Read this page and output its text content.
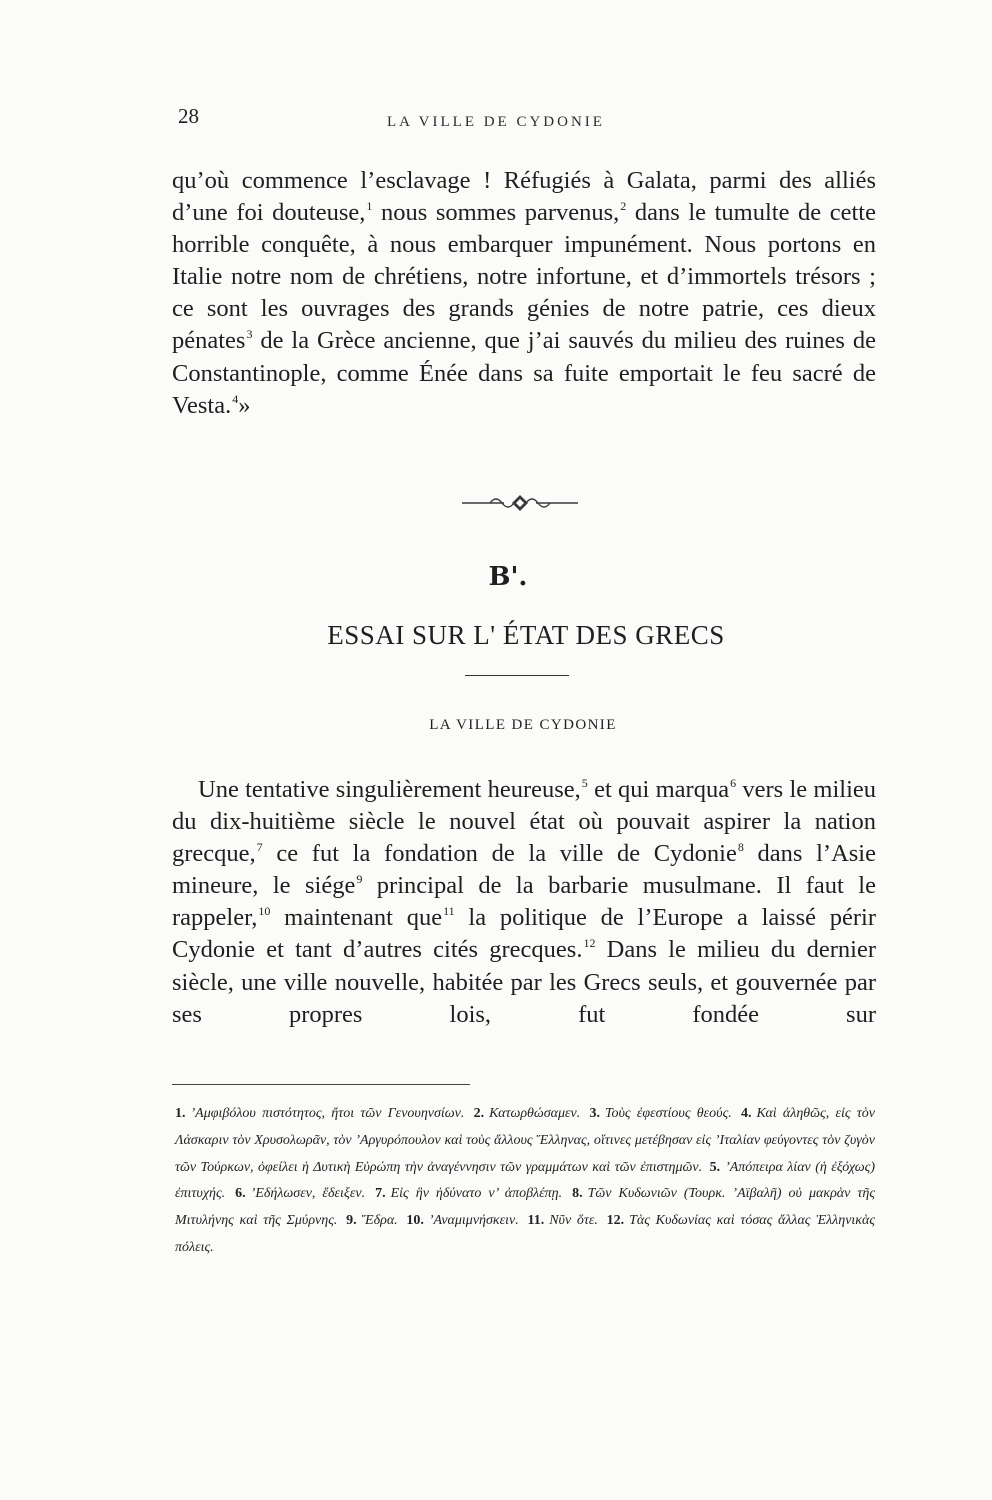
28	LA VILLE DE CYDONIE

qu’où commence l’esclavage ! Réfugiés à Galata, parmi des alliés d’une foi douteuse,$^1$ nous sommes parvenus,$^2$ dans le tumulte de cette horrible conquête, à nous embarquer impunément. Nous portons en Italie notre nom de chrétiens, notre infortune, et d’immortels trésors ; ce sont les ouvrages des grands génies de notre patrie, ces dieux pénates$^3$ de la Grèce ancienne, que j’ai sauvés du milieu des ruines de Constantinople, comme Énée dans sa fuite emportait le feu sacré de Vesta.$^4$»

B'.
ESSAI SUR L' ÉTAT DES GRECS
LA VILLE DE CYDONIE

Une tentative singulièrement heureuse,$^5$ et qui marqua$^6$ vers le milieu du dix-huitième siècle le nouvel état où pouvait aspirer la nation grecque,$^7$ ce fut la fondation de la ville de Cydonie$^8$ dans l’Asie mineure, le siége$^9$ principal de la barbarie musulmane. Il faut le rappeler,$^{10}$ maintenant que$^{11}$ la politique de l’Europe a laissé périr Cydonie et tant d’autres cités grecques.$^{12}$ Dans le milieu du dernier siècle, une ville nouvelle, habitée par les Grecs seuls, et gouvernée par ses propres lois, fut fondée sur

1. ’Αμφιβόλου πιστότητος, ἤτοι τῶν Γενουηνσίων. 2. Κατωρθώσαμεν. 3. Τοὺς ἐφεστίους θεούς. 4. Καὶ ἀληθῶς, εἰς τὸν Λάσκαριν τὸν Χρυσολωρᾶν, τὸν ’Αργυρόπουλον καὶ τοὺς ἄλλους Ἕλληνας, οἵτινες μετέβησαν εἰς ’Ιταλίαν φεύγοντες τὸν ζυγὸν τῶν Τούρκων, ὀφείλει ἡ Δυτικὴ Εὐρώπη τὴν ἀναγέννησιν τῶν γραμμάτων καὶ τῶν ἐπιστημῶν. 5. ’Απόπειρα λίαν (ἡ ἐξόχως) ἐπιτυχής. 6. ’Εδήλωσεν, ἔδειξεν. 7. Εἰς ἣν ἠδύνατο ν’ ἀποβλέπῃ. 8. Τῶν Κυδωνιῶν (Τουρκ. ’Αϊβαλῆ) οὐ μακρὰν τῆς Μιτυλήνης καὶ τῆς Σμύρνης. 9. Ἕδρα. 10. ’Αναμιμνήσκειν. 11. Νῦν ὅτε. 12. Τὰς Κυδωνίας καὶ τόσας ἄλλας Ἑλληνικὰς πόλεις.
